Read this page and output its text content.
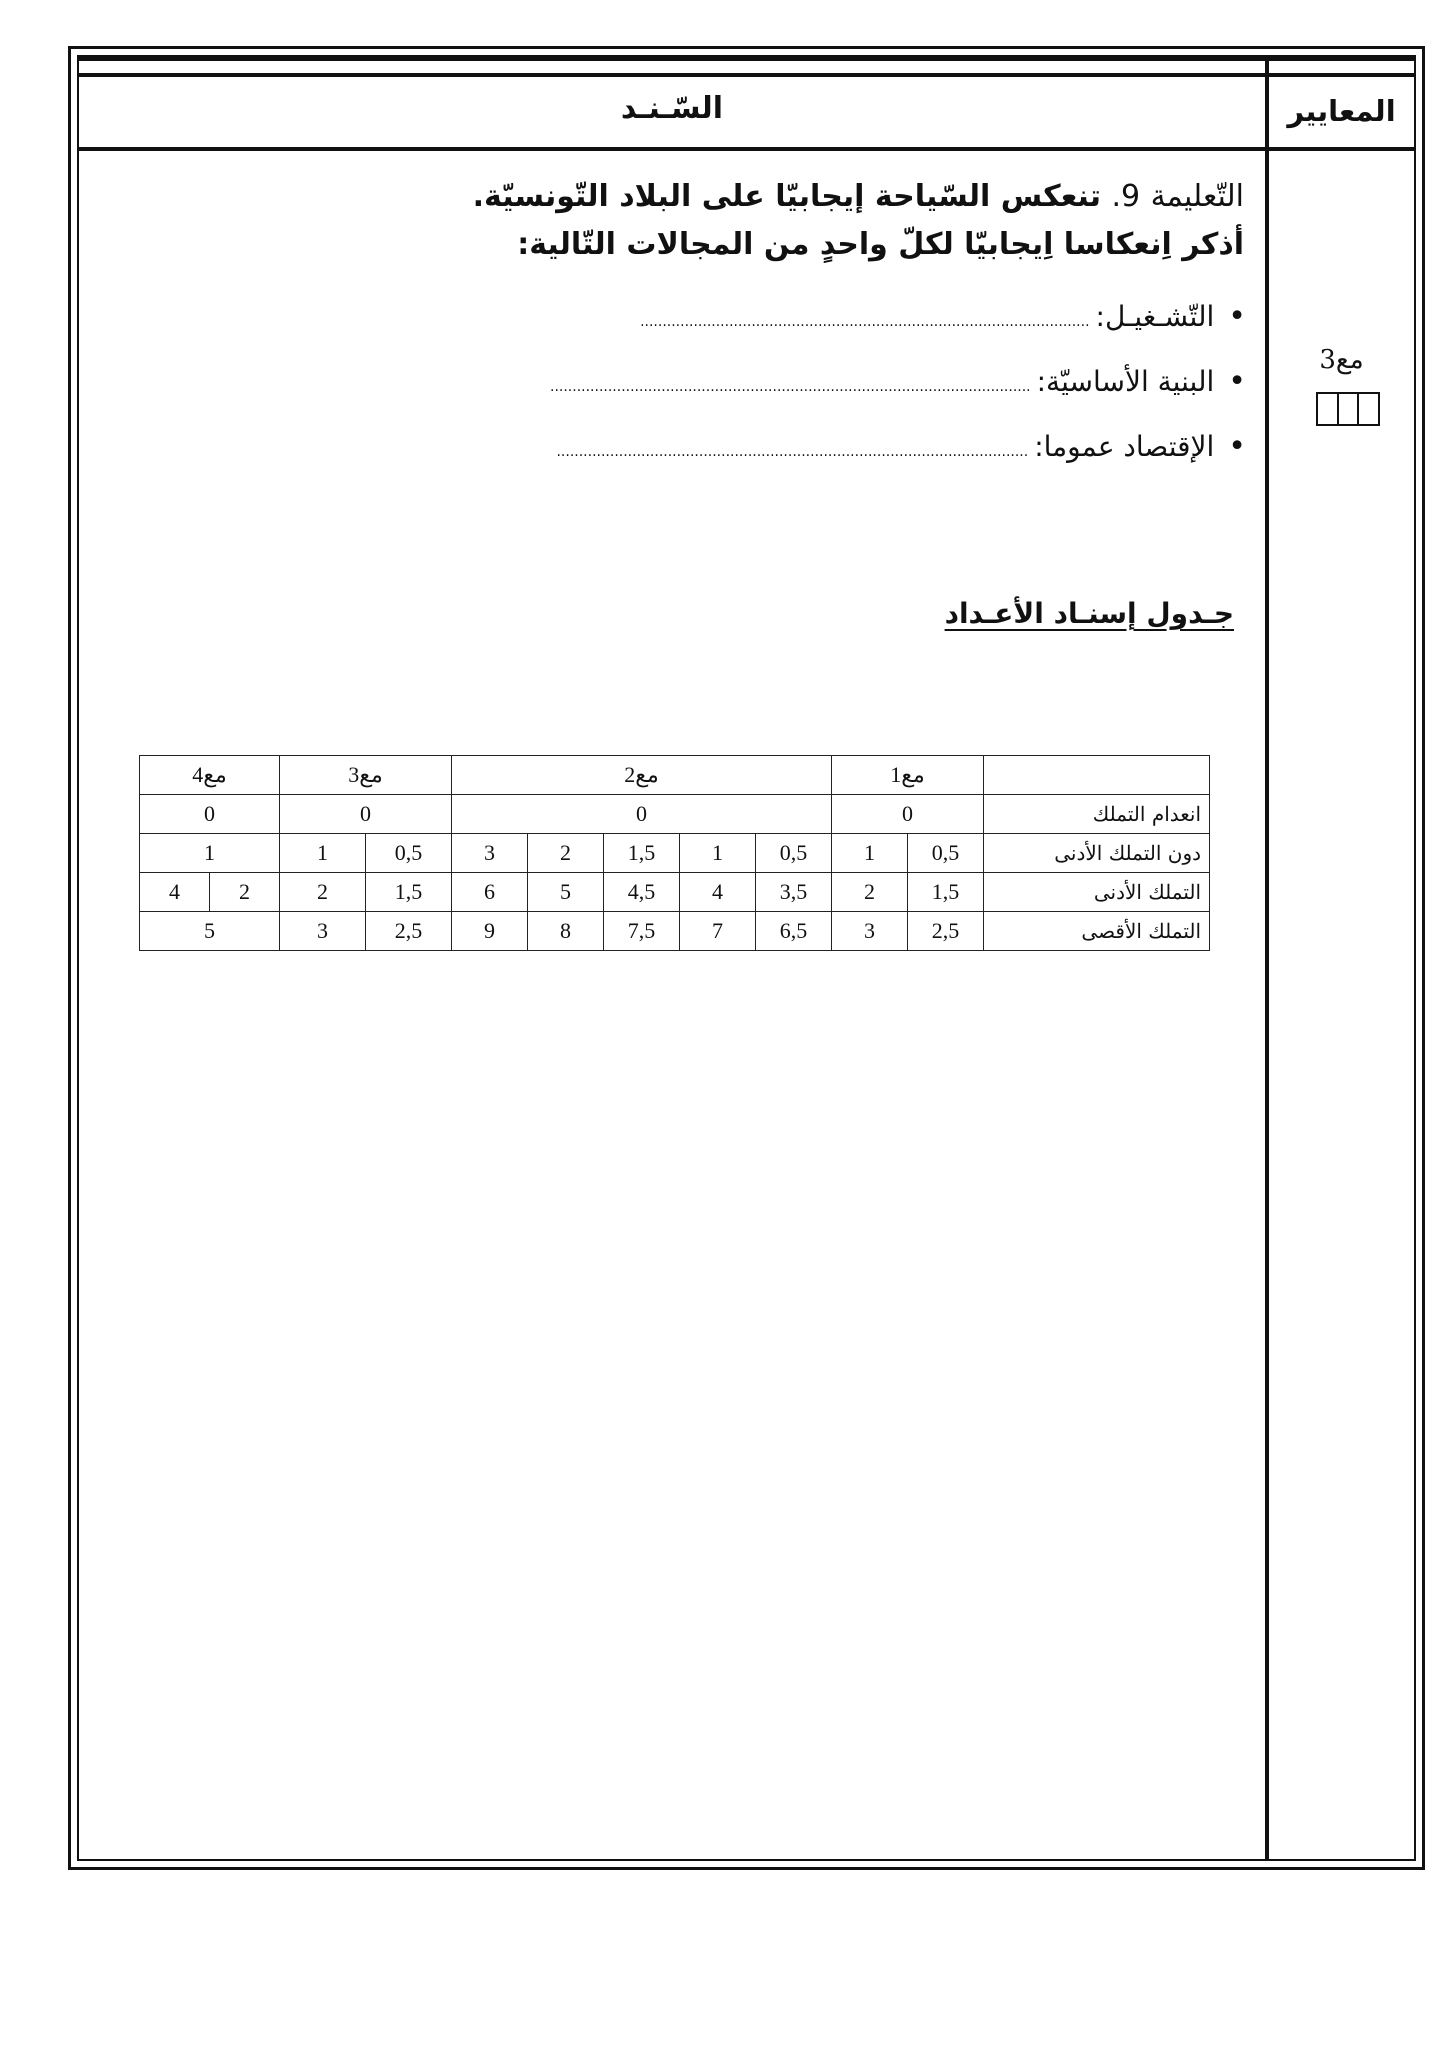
السّـنـد	المعايير
مع3
التّعليمة 9. تنعكس السّياحة إيجابيّا على البلاد التّونسيّة.
أذكر اِنعكاسا اِيجابيّا لكلّ واحدٍ من المجالات التّالية:
•
التّشـغيـل:
.....................................................................................................
•
البنية الأساسيّة:
............................................................................................................
•
الإقتصاد عموما:
..........................................................................................................
جـدول إسنـاد الأعـداد
	مع1		مع2					مع3		مع4	
انعدام التملك	0		0					0		0	
دون التملك الأدنى	0,5	1	0,5	1	1,5	2	3	0,5	1	1	
التملك الأدنى	1,5	2	3,5	4	4,5	5	6	1,5	2	2	4
التملك الأقصى	2,5	3	6,5	7	7,5	8	9	2,5	3	5	
